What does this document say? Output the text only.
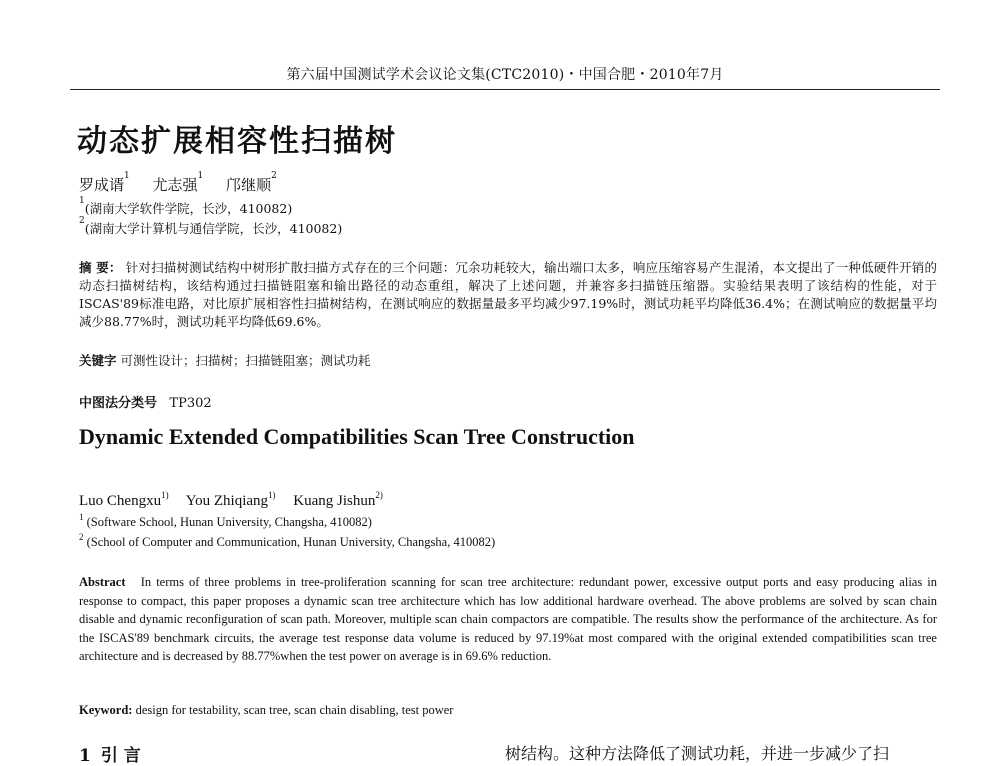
第六届中国测试学术会议论文集(CTC2010)・中国合肥・2010年7月
动态扩展相容性扫描树
罗成谞$^1$ 尤志强$^1$ 邝继顺$^2$
$^1$(湖南大学软件学院，长沙，410082)
$^2$(湖南大学计算机与通信学院，长沙，410082)
摘 要： 针对扫描树测试结构中树形扩散扫描方式存在的三个问题：冗余功耗较大，输出端口太多，响应压缩容易产生混淆，本文提出了一种低硬件开销的动态扫描树结构，该结构通过扫描链阻塞和输出路径的动态重组，解决了上述问题，并兼容多扫描链压缩器。实验结果表明了该结构的性能，对于ISCAS'89标准电路，对比原扩展相容性扫描树结构，在测试响应的数据量最多平均减少97.19%时，测试功耗平均降低36.4%；在测试响应的数据量平均减少88.77%时，测试功耗平均降低69.6%。
关键字 可测性设计；扫描树；扫描链阻塞；测试功耗
中图法分类号 TP302
Dynamic Extended Compatibilities Scan Tree Construction
Luo Chengxu$^{1)}$ You Zhiqiang$^{1)}$ Kuang Jishun$^{2)}$
$^1$ (Software School, Hunan University, Changsha, 410082)
$^2$ (School of Computer and Communication, Hunan University, Changsha, 410082)
Abstract In terms of three problems in tree-proliferation scanning for scan tree architecture: redundant power, excessive output ports and easy producing alias in response to compact, this paper proposes a dynamic scan tree architecture which has low additional hardware overhead. The above problems are solved by scan chain disable and dynamic reconfiguration of scan path. Moreover, multiple scan chain compactors are compatible. The results show the performance of the architecture. As for the ISCAS'89 benchmark circuits, the average test response data volume is reduced by 97.19%at most compared with the original extended compatibilities scan tree architecture and is decreased by 88.77%when the test power on average is in 69.6% reduction.
Keyword: design for testability, scan tree, scan chain disabling, test power
1 引 言	树结构。这种方法降低了测试功耗，并进一步减少了扫
